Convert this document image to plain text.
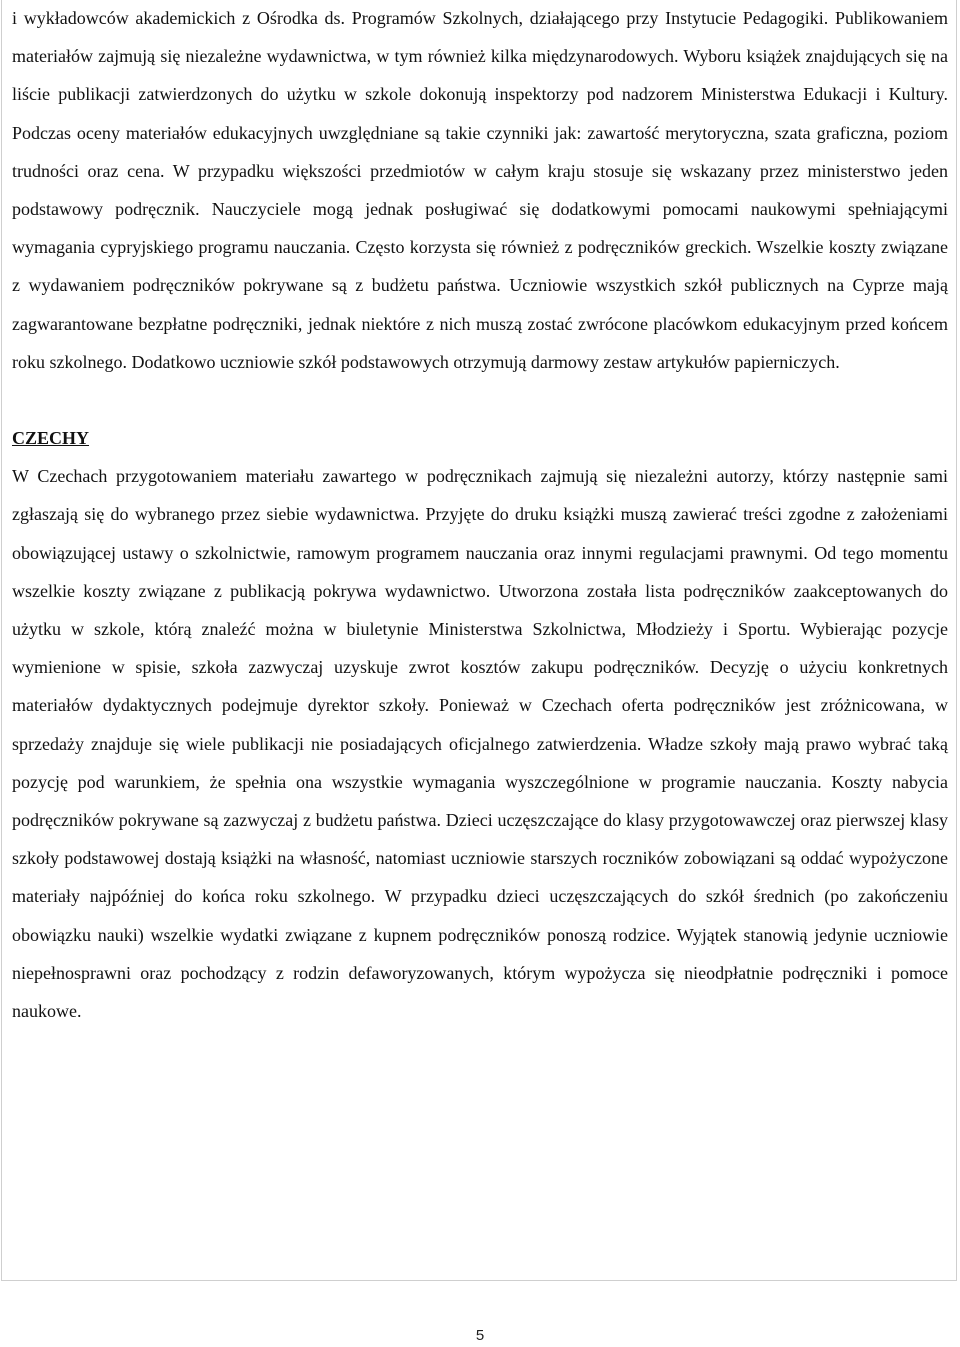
i wykładowców akademickich z Ośrodka ds. Programów Szkolnych, działającego przy Instytucie Pedagogiki. Publikowaniem materiałów zajmują się niezależne wydawnictwa, w tym również kilka międzynarodowych. Wyboru książek znajdujących się na liście publikacji zatwierdzonych do użytku w szkole dokonują inspektorzy pod nadzorem Ministerstwa Edukacji i Kultury. Podczas oceny materiałów edukacyjnych uwzględniane są takie czynniki jak: zawartość merytoryczna, szata graficzna, poziom trudności oraz cena. W przypadku większości przedmiotów w całym kraju stosuje się wskazany przez ministerstwo jeden podstawowy podręcznik. Nauczyciele mogą jednak posługiwać się dodatkowymi pomocami naukowymi spełniającymi wymagania cypryjskiego programu nauczania. Często korzysta się również z podręczników greckich. Wszelkie koszty związane z wydawaniem podręczników pokrywane są z budżetu państwa. Uczniowie wszystkich szkół publicznych na Cyprze mają zagwarantowane bezpłatne podręczniki, jednak niektóre z nich muszą zostać zwrócone placówkom edukacyjnym przed końcem roku szkolnego. Dodatkowo uczniowie szkół podstawowych otrzymują darmowy zestaw artykułów papierniczych.

CZECHY

W Czechach przygotowaniem materiału zawartego w podręcznikach zajmują się niezależni autorzy, którzy następnie sami zgłaszają się do wybranego przez siebie wydawnictwa. Przyjęte do druku książki muszą zawierać treści zgodne z założeniami obowiązującej ustawy o szkolnictwie, ramowym programem nauczania oraz innymi regulacjami prawnymi. Od tego momentu wszelkie koszty związane z publikacją pokrywa wydawnictwo. Utworzona została lista podręczników zaakceptowanych do użytku w szkole, którą znaleźć można w biuletynie Ministerstwa Szkolnictwa, Młodzieży i Sportu. Wybierając pozycje wymienione w spisie, szkoła zazwyczaj uzyskuje zwrot kosztów zakupu podręczników. Decyzję o użyciu konkretnych materiałów dydaktycznych podejmuje dyrektor szkoły. Ponieważ w Czechach oferta podręczników jest zróżnicowana, w sprzedaży znajduje się wiele publikacji nie posiadających oficjalnego zatwierdzenia. Władze szkoły mają prawo wybrać taką pozycję pod warunkiem, że spełnia ona wszystkie wymagania wyszczególnione w programie nauczania. Koszty nabycia podręczników pokrywane są zazwyczaj z budżetu państwa. Dzieci uczęszczające do klasy przygotowawczej oraz pierwszej klasy szkoły podstawowej dostają książki na własność, natomiast uczniowie starszych roczników zobowiązani są oddać wypożyczone materiały najpóźniej do końca roku szkolnego. W przypadku dzieci uczęszczających do szkół średnich (po zakończeniu obowiązku nauki) wszelkie wydatki związane z kupnem podręczników ponoszą rodzice. Wyjątek stanowią jedynie uczniowie niepełnosprawni oraz pochodzący z rodzin defaworyzowanych, którym wypożycza się nieodpłatnie podręczniki i pomoce naukowe.

5
